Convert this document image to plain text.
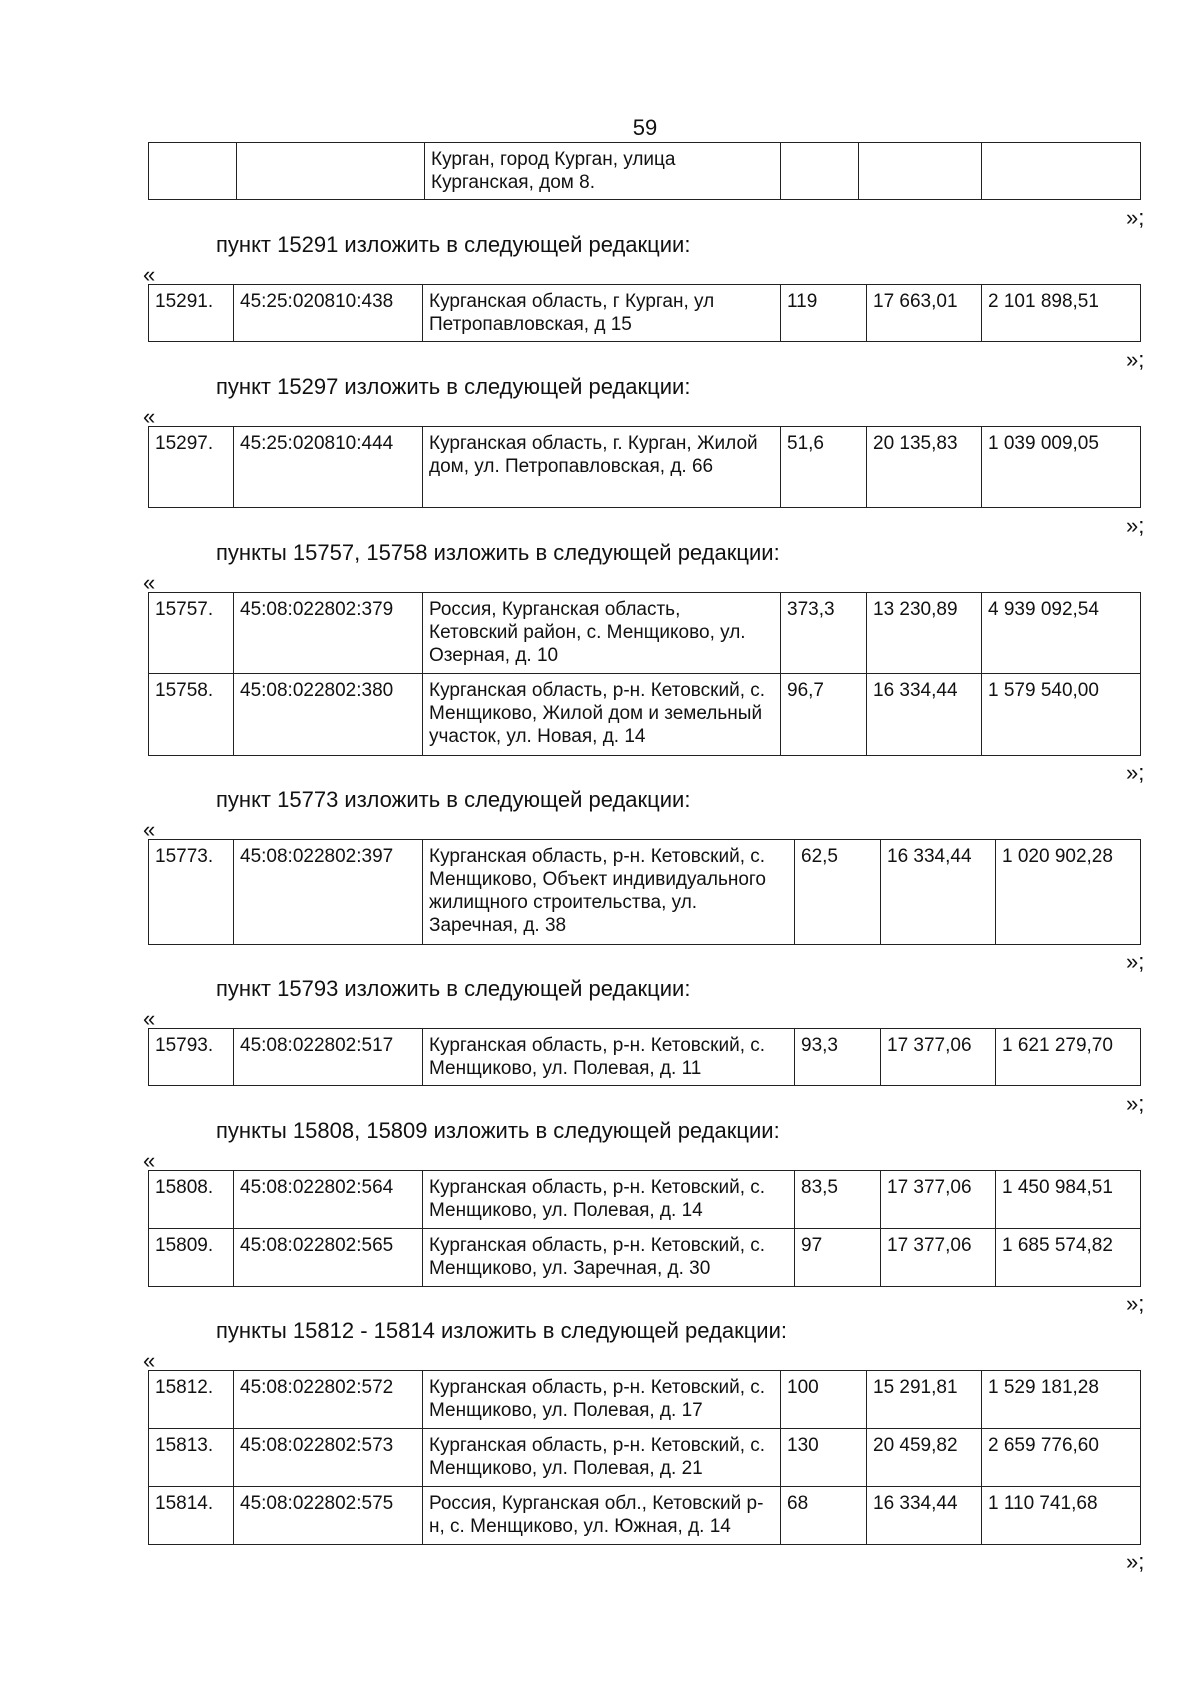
59
		Курган, город Курган, улица Курганская, дом 8.			
»;
пункт 15291 изложить в следующей редакции:
«
15291.	45:25:020810:438	Курганская область, г Курган, ул Петропавловская, д 15	119	17 663,01	2 101 898,51
»;
пункт 15297 изложить в следующей редакции:
«
15297.	45:25:020810:444	Курганская область, г. Курган, Жилой дом, ул. Петропавловская, д. 66	51,6	20 135,83	1 039 009,05
»;
пункты 15757, 15758 изложить в следующей редакции:
«
15757.	45:08:022802:379	Россия, Курганская область, Кетовский район, с. Менщиково, ул. Озерная, д. 10	373,3	13 230,89	4 939 092,54
15758.	45:08:022802:380	Курганская область, р-н. Кетовский, с. Менщиково, Жилой дом и земельный участок, ул. Новая, д. 14	96,7	16 334,44	1 579 540,00
»;
пункт 15773 изложить в следующей редакции:
«
15773.	45:08:022802:397	Курганская область, р-н. Кетовский, с. Менщиково, Объект индивидуального жилищного строительства, ул. Заречная, д. 38	62,5	16 334,44	1 020 902,28
»;
пункт 15793 изложить в следующей редакции:
«
15793.	45:08:022802:517	Курганская область, р-н. Кетовский, с. Менщиково, ул. Полевая, д. 11	93,3	17 377,06	1 621 279,70
»;
пункты 15808, 15809 изложить в следующей редакции:
«
15808.	45:08:022802:564	Курганская область, р-н. Кетовский, с. Менщиково, ул. Полевая, д. 14	83,5	17 377,06	1 450 984,51
15809.	45:08:022802:565	Курганская область, р-н. Кетовский, с. Менщиково, ул. Заречная, д. 30	97	17 377,06	1 685 574,82
»;
пункты 15812 - 15814 изложить в следующей редакции:
«
15812.	45:08:022802:572	Курганская область, р-н. Кетовский, с. Менщиково, ул. Полевая, д. 17	100	15 291,81	1 529 181,28
15813.	45:08:022802:573	Курганская область, р-н. Кетовский, с. Менщиково, ул. Полевая, д. 21	130	20 459,82	2 659 776,60
15814.	45:08:022802:575	Россия, Курганская обл., Кетовский р-н, с. Менщиково, ул. Южная, д. 14	68	16 334,44	1 110 741,68
»;
